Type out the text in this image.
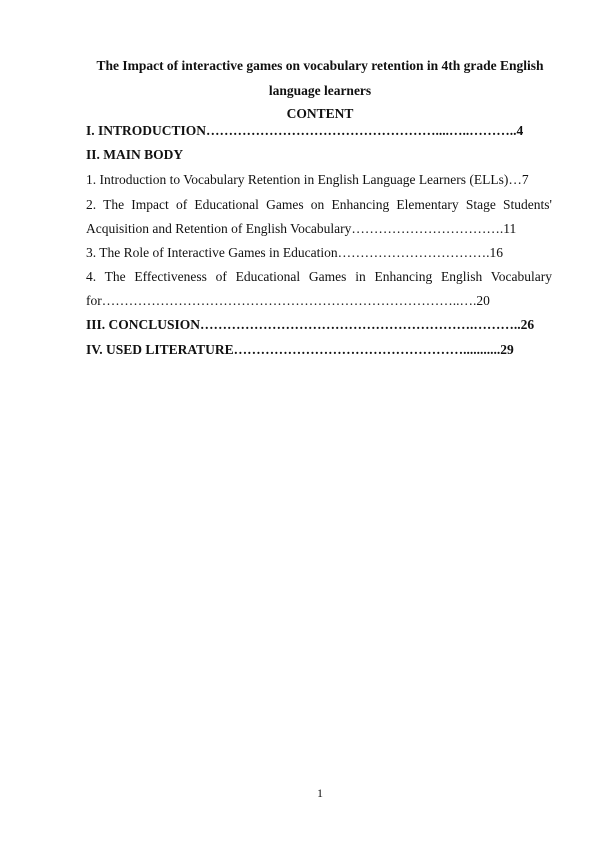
The Impact of interactive games on vocabulary retention in 4th grade English
language learners
CONTENT
I. INTRODUCTION……………………………………………....…..………..4
II. MAIN BODY
1. Introduction to Vocabulary Retention in English Language Learners (ELLs)…7
2. The Impact of Educational Games on Enhancing Elementary Stage Students'
Acquisition and Retention of English Vocabulary…………………………….11
3. The Role of Interactive Games in Education…………………………….16
4. The Effectiveness of Educational Games in Enhancing English Vocabulary
for……………………………………………………………………..….20
III. CONCLUSION…………………………………………………….………..26
IV. USED LITERATURE……………………………………………...........29
1
